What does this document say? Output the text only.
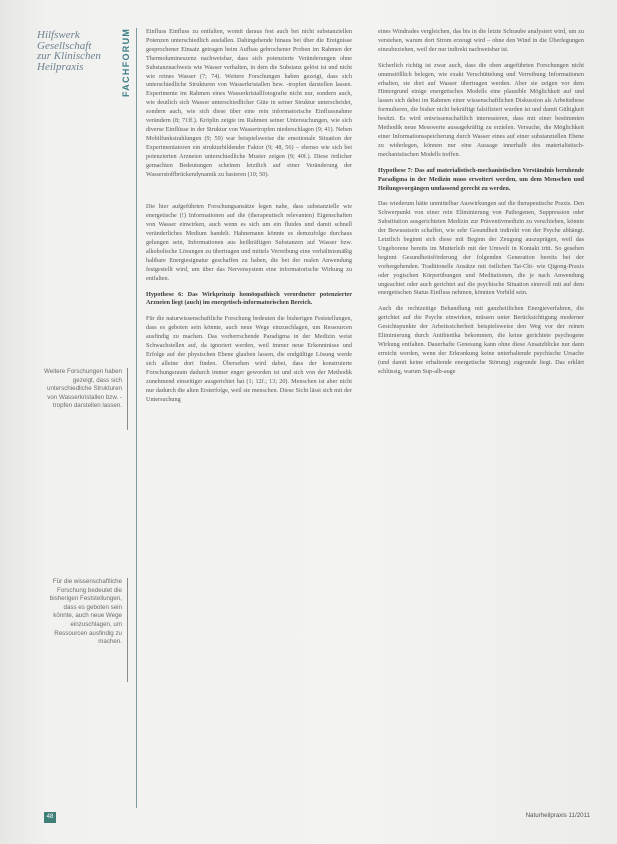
Hilfswerk
Gesellschaft
zur Klinischen
Heilpraxis	FACHFORUM
Weitere Forschungen haben gezeigt, dass sich unterschiedliche Strukturen von Wasserkristallen bzw. -tropfen darstellen lassen.
Für die wissenschaftliche Forschung bedeutet die bisherigen Feststellungen, dass es geboten sein könnte, auch neue Wege einzuschlagen, um Ressourcen ausfindig zu machen.

Einfluss Einfluss zu entfalten, womit daraus fest auch bei nicht substanziellen Potenzen unterschiedlich ausfallen. Dahingehende hinaus bei über die Ereignisse gesprochener Einsatz getragen beim Aufbau gebrochener Proben im Rahmen der Thermolumineszenz nachweisbar, dass sich potenzierte Veränderungen ohne Substanznachweis wie Wasser verhalten, in dem die Substanz gelöst ist und nicht wie reines Wasser (7; 74). Weitere Forschungen haben gezeigt, dass sich unterschiedliche Strukturen von Wasserkristallen bzw. -tropfen darstellen lassen. Experimente im Rahmen eines Wasserkristallfotografie nicht nur, sondern auch, wie deutlich sich Wasser unterschiedlicher Güte in seiner Struktur unterscheidet, sondern auch, wie sich diese über eine rein informatorische Einflussnahme verändern (8; 71ff.). Kröplin zeigte im Rahmen seiner Untersuchungen, wie sich diverse Einflüsse in der Struktur von Wassertropfen niederschlagen (9; 41). Neben Mobilfunkstrahlungen (9; 59) war beispielsweise die emotionale Situation der Experimentatoren ein strukturbildender Faktor (9; 48, 56) – ebenso wie sich bei potenzierten Arzneien unterschiedliche Muster zeigen (9; 40f.). Diese örtlicher gemachten Bedeutungen scheinen letztlich auf einer Veränderung der Wasserstoffbrückendynamik zu basieren (10; 50).

Die hier aufgeführten Forschungsansätze legen nahe, dass substanzielle wie energetische (!) Informationen auf die (therapeutisch relevanten) Eigenschaften von Wasser einwirken, auch wenn es sich um ein fluides und damit schnell veränderliches Medium handelt. Hahnemann könnte es demzufolge durchaus gelungen sein, Informationen aus heilkräftigen Substanzen auf Wasser bzw. alkoholische Lösungen zu übertragen und mittels Verreibung eine verhältnismäßig haltbare Energiesignatur geschaffen zu haben, die bei der realen Anwendung festgestellt wird, um über das Nervensystem eine informatorische Wirkung zu entfalten.

Hypothese 6: Das Wirkprinzip homöopathisch verordneter potenzierter Arzneien liegt (auch) im energetisch-informatorischen Bereich.

Für die naturwissenschaftliche Forschung bedeuten die bisherigen Feststellungen, dass es geboten sein könnte, auch neue Wege einzuschlagen, um Ressourcen ausfindig zu machen. Das vorherrschende Paradigma in der Medizin weist Schwachstellen auf, da ignoriert werden, weil immer neue Erkenntnisse und Erfolge auf der physischen Ebene glauben lassen, die endgültige Lösung werde sich alleine dort finden. Übersehen wird dabei, dass der konstruierte Forschungsraum dadurch immer enger geworden ist und sich von der Methodik zunehmend einseitiger ausgerichtet hat (1; 12f.; 13; 20). Menschen ist aber nicht nur dadurch die alten Ersterfolge, weil sie menschen. Diese Sicht lässt sich mit der Untersuchung

eines Windrades vergleichen, das bis in die letzte Schraube analysiert wird, um zu verstehen, warum dort Strom erzeugt wird – ohne den Wind in die Überlegungen einzubeziehen, weil der nur indirekt nachweisbar ist.

Sicherlich richtig ist zwar auch, dass die oben angeführten Forschungen nicht unumstößlich belegen, wie exakt Verschüttelung und Verreibung Informationen erhalten, sie dort auf Wasser übertragen werden. Aber sie zeigen vor dem Hintergrund einige energetisches Modells eine plausible Möglichkeit auf und lassen sich dabei im Rahmen einer wissenschaftlichen Diskussion als Arbeitsthese formulieren, die bisher nicht bekräftigt falsifiziert wurden ist und damit Gültigkeit besitzt. Es wird entwissenschaftlich interessieren, dass mit einer bestimmten Methodik neue Messwerte aussagekräftig zu erzielen. Versuche, die Möglichkeit einer Informationsspeicherung durch Wasser eines auf einer substanziellen Ebene zu widerlegen, können nur eine Aussage innerhalb des materialistisch-mechanistischen Modells treffen.

Hypothese 7: Das auf materialistisch-mechanistischen Verständnis beruhende Paradigma in der Medizin muss erweitert werden, um dem Menschen und Heilungsvorgängen umfassend gerecht zu werden.

Das wiederum hätte unmittelbar Auswirkungen auf die therapeutische Praxis. Den Schwerpunkt von einer rein Eliminierung von Pathogenen, Suppression oder Substitution ausgerichteten Medizin zur Präventivmedizin zu verschieben, könnte der Bewusstsein schaffen, wie sehr Gesundheit indirekt von der Psyche abhängt. Letztlich beginnt sich diese mit Beginn der Zeugung auszuprägen, weil das Ungeborene bereits im Mutterleib mit der Umwelt in Kontakt tritt. So gesehen beginnt Gesundheitsförderung der folgenden Generation bereits bei der vorhergehenden. Traditionelle Ansätze mit östlichen Tai-Chi- wie Qigong-Praxis oder yogischen Körperübungen und Meditationen, die je nach Anwendung ungeachtet oder auch gerichtet auf die psychische Situation sinnvoll mit auf dem energetischen Status Einfluss nehmen, könnten Vorbild sein.

Auch die rechtzeitige Behandlung mit ganzheitlichen Energieverfahren, die gerichtet auf die Psyche einwirken, müssen unter Berücksichtigung moderner Gesichtspunkte der Arbeitssicherheit beispielsweise den Weg vor der reinen Eliminierung durch Antibiotika bekommen, die keine gerichtete psychogene Wirkung entfalten. Dauerhafte Genesung kann ohne diese Ansatzblicke nur dann erreicht werden, wenn der Erkrankung keine unterhaltende psychische Ursache (und damit keine erhaltende energetische Störung) zugrunde liegt. Das erklärt schlüssig, warum Sup-alb-auge

48	Naturheilpraxis 11/2011
